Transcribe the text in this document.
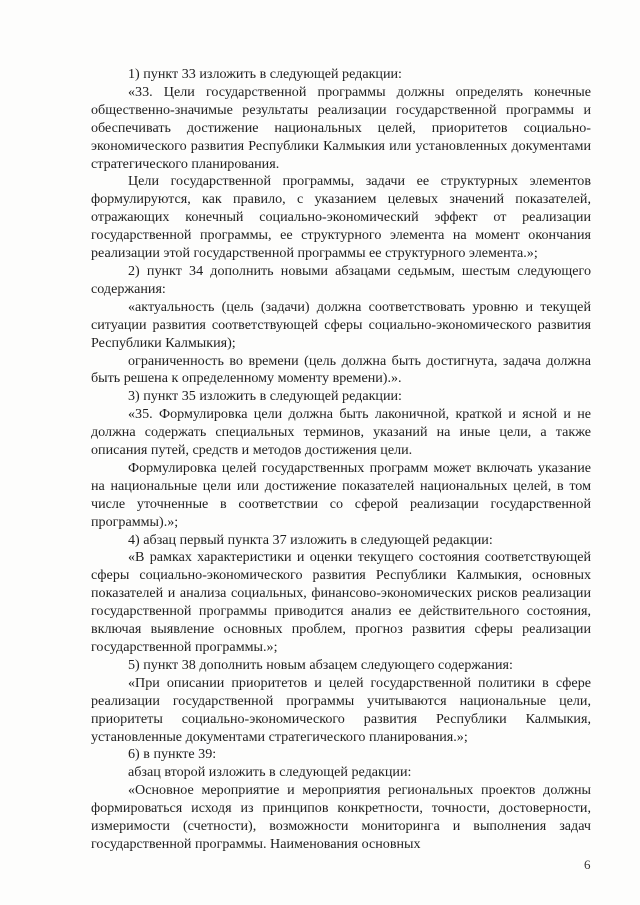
1) пункт 33 изложить в следующей редакции:

«33. Цели государственной программы должны определять конечные общественно-значимые результаты реализации государственной программы и обеспечивать достижение национальных целей, приоритетов социально-экономического развития Республики Калмыкия или установленных документами стратегического планирования.

Цели государственной программы, задачи ее структурных элементов формулируются, как правило, с указанием целевых значений показателей, отражающих конечный социально-экономический эффект от реализации государственной программы, ее структурного элемента на момент окончания реализации этой государственной программы ее структурного элемента.»;

2) пункт 34 дополнить новыми абзацами седьмым, шестым следующего содержания:

«актуальность (цель (задачи) должна соответствовать уровню и текущей ситуации развития соответствующей сферы социально-экономического развития Республики Калмыкия);

ограниченность во времени (цель должна быть достигнута, задача должна быть решена к определенному моменту времени).».

3) пункт 35 изложить в следующей редакции:

«35. Формулировка цели должна быть лаконичной, краткой и ясной и не должна содержать специальных терминов, указаний на иные цели, а также описания путей, средств и методов достижения цели.

Формулировка целей государственных программ может включать указание на национальные цели или достижение показателей национальных целей, в том числе уточненные в соответствии со сферой реализации государственной программы).»;

4) абзац первый пункта 37 изложить в следующей редакции:

«В рамках характеристики и оценки текущего состояния соответствующей сферы социально-экономического развития Республики Калмыкия, основных показателей и анализа социальных, финансово-экономических рисков реализации государственной программы приводится анализ ее действительного состояния, включая выявление основных проблем, прогноз развития сферы реализации государственной программы.»;

5) пункт 38 дополнить новым абзацем следующего содержания:

«При описании приоритетов и целей государственной политики в сфере реализации государственной программы учитываются национальные цели, приоритеты социально-экономического развития Республики Калмыкия, установленные документами стратегического планирования.»;

6) в пункте 39:

абзац второй изложить в следующей редакции:

«Основное мероприятие и мероприятия региональных проектов должны формироваться исходя из принципов конкретности, точности, достоверности, измеримости (счетности), возможности мониторинга и выполнения задач государственной программы. Наименования основных

6
